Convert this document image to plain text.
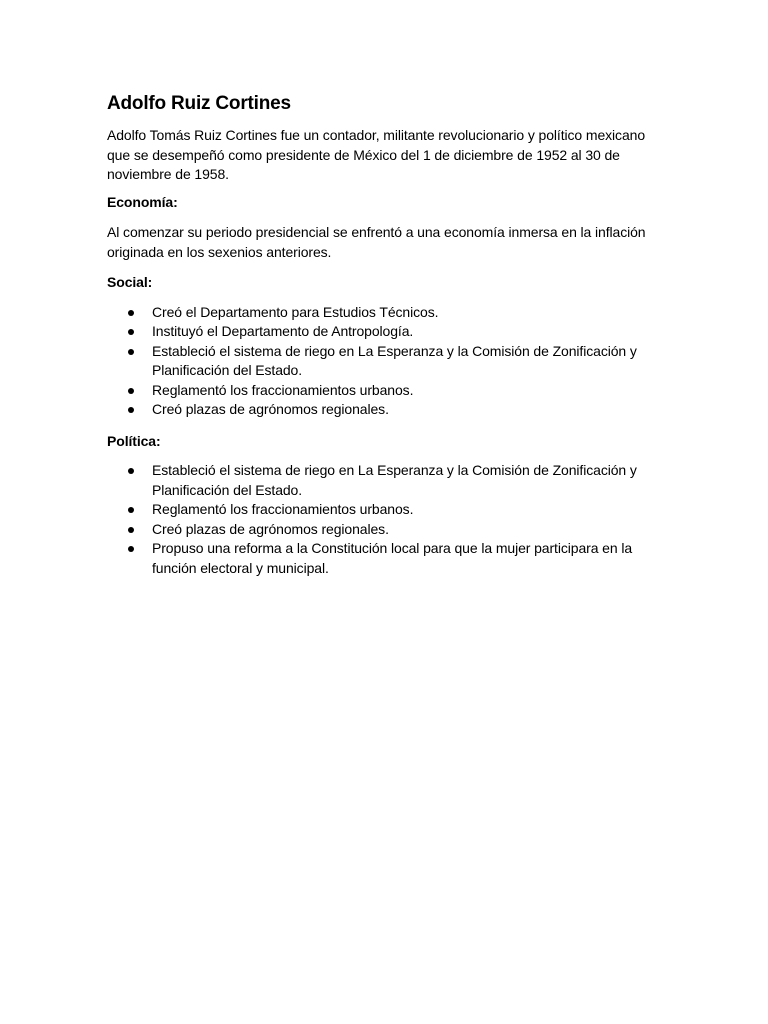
Adolfo Ruiz Cortines

Adolfo Tomás Ruiz Cortines fue un contador, militante revolucionario y político mexicano que se desempeñó como presidente de México del 1 de diciembre de 1952 al 30 de noviembre de 1958.

Economía:

Al comenzar su periodo presidencial se enfrentó a una economía inmersa en la inflación originada en los sexenios anteriores.

Social:
Creó el Departamento para Estudios Técnicos.
Instituyó el Departamento de Antropología.
Estableció el sistema de riego en La Esperanza y la Comisión de Zonificación y Planificación del Estado.
Reglamentó los fraccionamientos urbanos.
Creó plazas de agrónomos regionales.
Política:
Estableció el sistema de riego en La Esperanza y la Comisión de Zonificación y Planificación del Estado.
Reglamentó los fraccionamientos urbanos.
Creó plazas de agrónomos regionales.
Propuso una reforma a la Constitución local para que la mujer participara en la función electoral y municipal.
